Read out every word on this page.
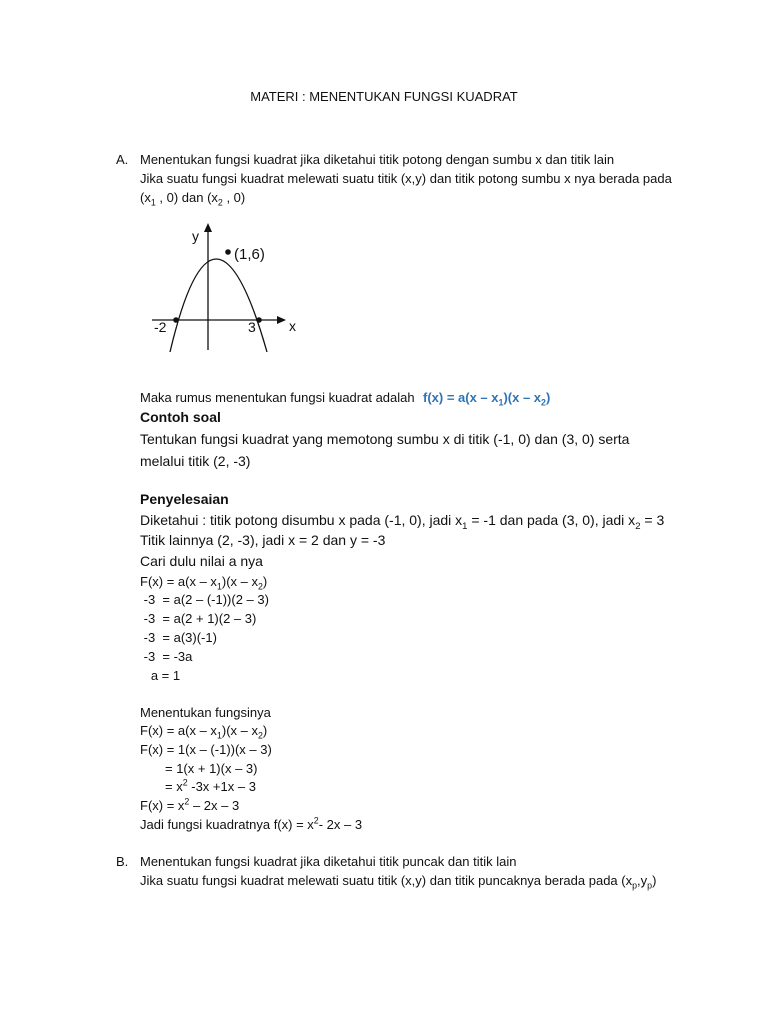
MATERI : MENENTUKAN FUNGSI KUADRAT
A. Menentukan fungsi kuadrat jika diketahui titik potong dengan sumbu x dan titik lain
Jika suatu fungsi kuadrat melewati suatu titik (x,y) dan titik potong sumbu x nya berada pada
($x_1$ , 0) dan ($x_2$ , 0)
y
x
(1,6)
-2	3
Maka rumus menentukan fungsi kuadrat adalah $f(x) = a(x - x_1)(x - x_2)$
Contoh soal
Tentukan fungsi kuadrat yang memotong sumbu x di titik (-1, 0) dan (3, 0) serta
melalui titik (2, -3)
Penyelesaian
Diketahui : titik potong disumbu x pada (-1, 0), jadi $x_1 = -1$ dan pada (3, 0), jadi $x_2 = 3$
Titik lainnya (2, -3), jadi x = 2 dan y = -3
Cari dulu nilai a nya
$F(x) = a(x - x_1)(x - x_2)$
-3  = a(2 – (-1))(2 – 3)
-3  = a(2 + 1)(2 – 3)
-3  = a(3)(-1)
-3  = -3a
a = 1
Menentukan fungsinya
$F(x) = a(x - x_1)(x - x_2)$
F(x) = 1(x – (-1))(x – 3)
= 1(x + 1)(x – 3)
= $x^2$ -3x +1x – 3
$F(x) = x^2 - 2x - 3$
Jadi fungsi kuadratnya $f(x) = x^2-$ 2x – 3
B. Menentukan fungsi kuadrat jika diketahui titik puncak dan titik lain
Jika suatu fungsi kuadrat melewati suatu titik (x,y) dan titik puncaknya berada pada $(x_p,y_p)$
